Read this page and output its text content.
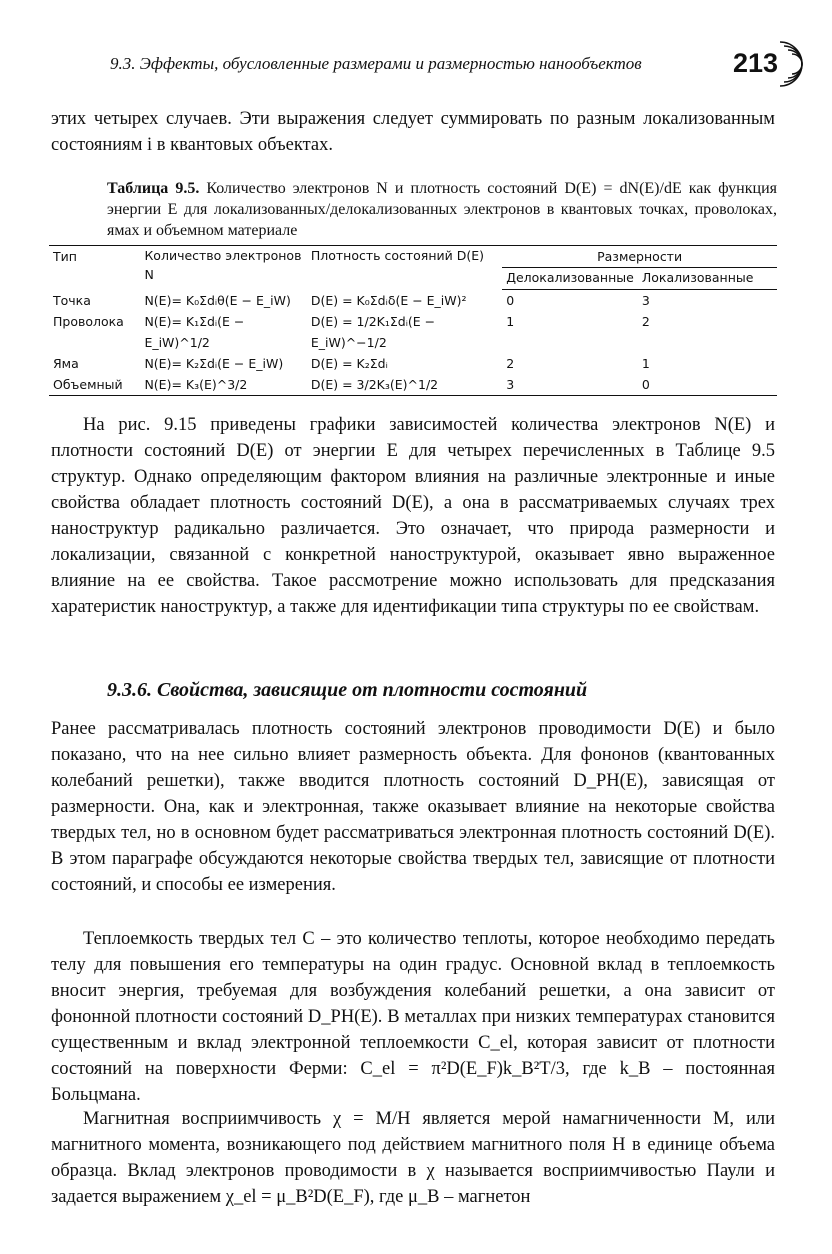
9.3. Эффекты, обусловленные размерами и размерностью нанообъектов	213

этих четырех случаев. Эти выражения следует суммировать по разным локализованным состояниям i в квантовых объектах.

Таблица 9.5. Количество электронов N и плотность состояний D(E) = dN(E)/dE как функция энергии E для локализованных/делокализованных электронов в квантовых точках, проволоках, ямах и объемном материале

Тип	Количество электронов N	Плотность состояний D(E)	Размерности	
			Делокализованные	Локализованные
Точка	N(E)= K₀Σdᵢθ(E − E_iW)	D(E) = K₀Σdᵢδ(E − E_iW)²	0	3
Проволока	N(E)= K₁Σdᵢ(E − E_iW)^1/2	D(E) = 1/2K₁Σdᵢ(E − E_iW)^−1/2	1	2
Яма	N(E)= K₂Σdᵢ(E − E_iW)	D(E) = K₂Σdᵢ	2	1
Объемный	N(E)= K₃(E)^3/2	D(E) = 3/2K₃(E)^1/2	3	0

На рис. 9.15 приведены графики зависимостей количества электронов N(E) и плотности состояний D(E) от энергии E для четырех перечисленных в Таблице 9.5 структур. Однако определяющим фактором влияния на различные электронные и иные свойства обладает плотность состояний D(E), а она в рассматриваемых случаях трех наноструктур радикально различается. Это означает, что природа размерности и локализации, связанной с конкретной наноструктурой, оказывает явно выраженное влияние на ее свойства. Такое рассмотрение можно использовать для предсказания харатеристик наноструктур, а также для идентификации типа структуры по ее свойствам.

9.3.6. Свойства, зависящие от плотности состояний

Ранее рассматривалась плотность состояний электронов проводимости D(E) и было показано, что на нее сильно влияет размерность объекта. Для фононов (квантованных колебаний решетки), также вводится плотность состояний D_PH(E), зависящая от размерности. Она, как и электронная, также оказывает влияние на некоторые свойства твердых тел, но в основном будет рассматриваться электронная плотность состояний D(E). В этом параграфе обсуждаются некоторые свойства твердых тел, зависящие от плотности состояний, и способы ее измерения.

Теплоемкость твердых тел C – это количество теплоты, которое необходимо передать телу для повышения его температуры на один градус. Основной вклад в теплоемкость вносит энергия, требуемая для возбуждения колебаний решетки, а она зависит от фононной плотности состояний D_PH(E). В металлах при низких температурах становится существенным и вклад электронной теплоемкости C_el, которая зависит от плотности состояний на поверхности Ферми: C_el = π²D(E_F)k_B²T/3, где k_B – постоянная Больцмана.

Магнитная восприимчивость χ = M/H является мерой намагниченности M, или магнитного момента, возникающего под действием магнитного поля H в единице объема образца. Вклад электронов проводимости в χ называется восприимчивостью Паули и задается выражением χ_el = μ_B²D(E_F), где μ_B – магнетон
